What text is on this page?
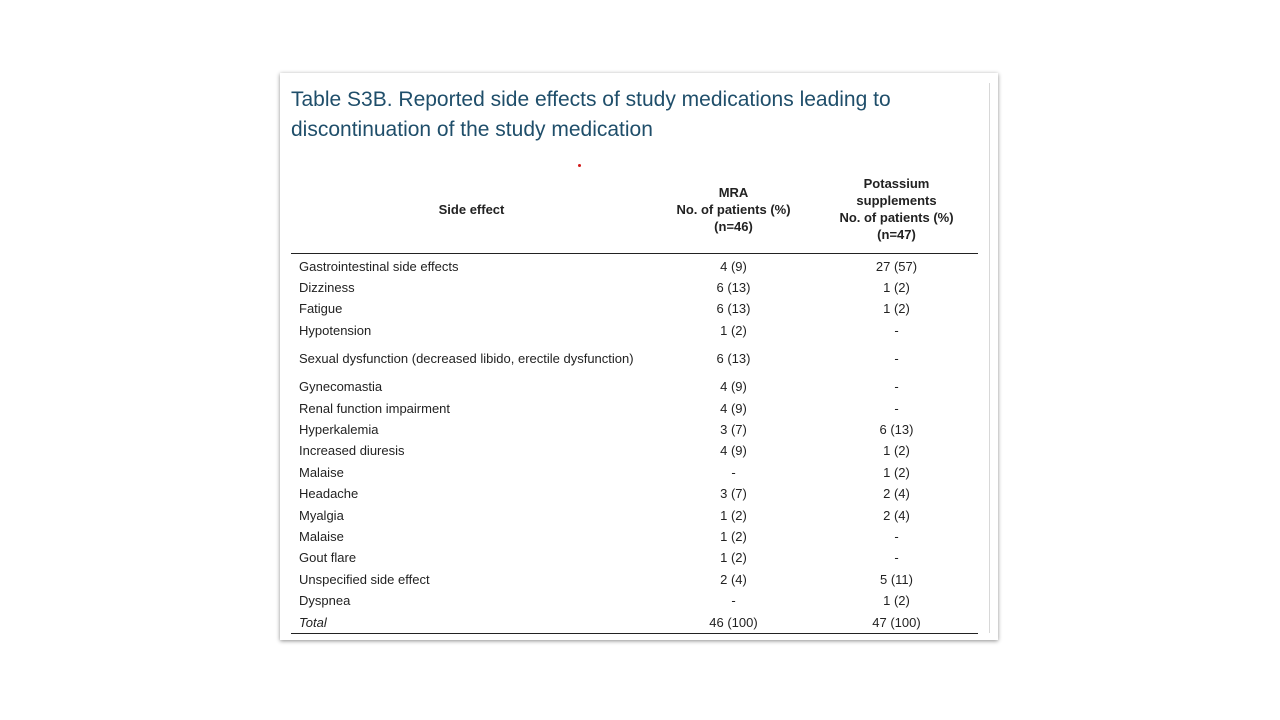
Table S3B. Reported side effects of study medications leading to discontinuation of the study medication
Side effect	MRA
No. of patients (%)
(n=46)	Potassium
supplements
No. of patients (%)
(n=47)
Gastrointestinal side effects	4 (9)	27 (57)
Dizziness	6 (13)	1 (2)
Fatigue	6 (13)	1 (2)
Hypotension	1 (2)	-
Sexual dysfunction (decreased libido, erectile dysfunction)	6 (13)	-
Gynecomastia	4 (9)	-
Renal function impairment	4 (9)	-
Hyperkalemia	3 (7)	6 (13)
Increased diuresis	4 (9)	1 (2)
Malaise	-	1 (2)
Headache	3 (7)	2 (4)
Myalgia	1 (2)	2 (4)
Malaise	1 (2)	-
Gout flare	1 (2)	-
Unspecified side effect	2 (4)	5 (11)
Dyspnea	-	1 (2)
Total	46 (100)	47 (100)
